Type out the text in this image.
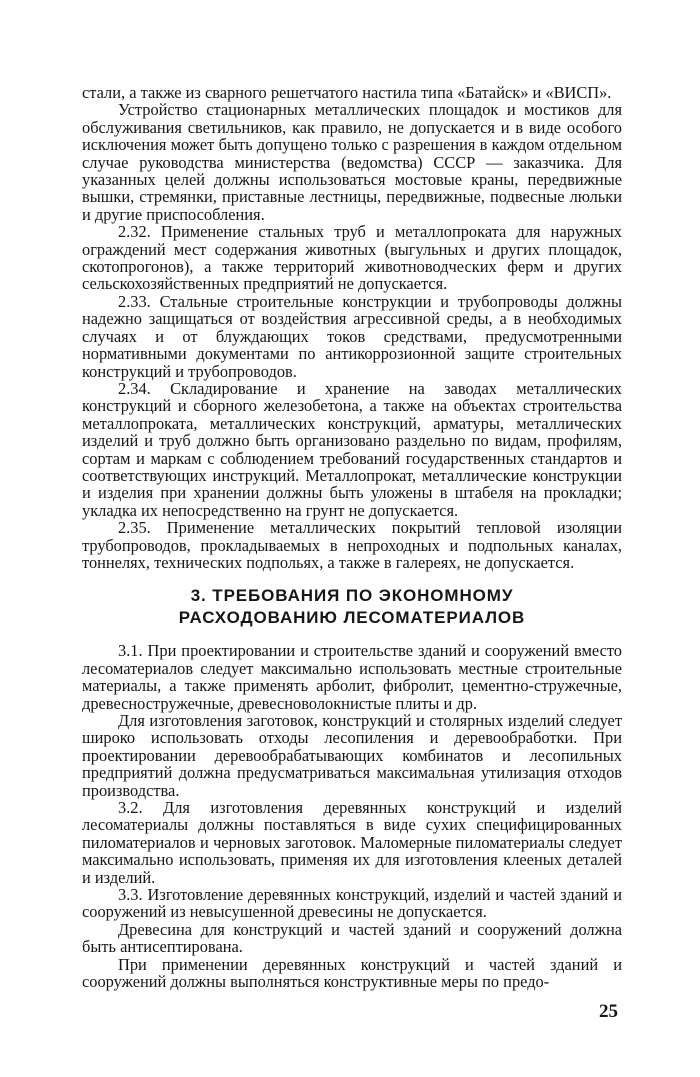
стали, а также из сварного решетчатого настила типа «Батайск» и «ВИСП».

Устройство стационарных металлических площадок и мостиков для обслуживания светильников, как правило, не допускается и в виде особого исключения может быть допущено только с разрешения в каждом отдельном случае руководства министерства (ведомства) СССР — заказчика. Для указанных целей должны использоваться мостовые краны, передвижные вышки, стремянки, приставные лестницы, передвижные, подвесные люльки и другие приспособления.

2.32. Применение стальных труб и металлопроката для наружных ограждений мест содержания животных (выгульных и других площадок, скотопрогонов), а также территорий животноводческих ферм и других сельскохозяйственных предприятий не допускается.

2.33. Стальные строительные конструкции и трубопроводы должны надежно защищаться от воздействия агрессивной среды, а в необходимых случаях и от блуждающих токов средствами, предусмотренными нормативными документами по антикоррозионной защите строительных конструкций и трубопроводов.

2.34. Складирование и хранение на заводах металлических конструкций и сборного железобетона, а также на объектах строительства металлопроката, металлических конструкций, арматуры, металлических изделий и труб должно быть организовано раздельно по видам, профилям, сортам и маркам с соблюдением требований государственных стандартов и соответствующих инструкций. Металлопрокат, металлические конструкции и изделия при хранении должны быть уложены в штабеля на прокладки; укладка их непосредственно на грунт не допускается.

2.35. Применение металлических покрытий тепловой изоляции трубопроводов, прокладываемых в непроходных и подпольных каналах, тоннелях, технических подпольях, а также в галереях, не допускается.

3. ТРЕБОВАНИЯ ПО ЭКОНОМНОМУ
РАСХОДОВАНИЮ ЛЕСОМАТЕРИАЛОВ

3.1. При проектировании и строительстве зданий и сооружений вместо лесоматериалов следует максимально использовать местные строительные материалы, а также применять арболит, фибролит, цементно-стружечные, древесностружечные, древесноволокнистые плиты и др.

Для изготовления заготовок, конструкций и столярных изделий следует широко использовать отходы лесопиления и деревообработки. При проектировании деревообрабатывающих комбинатов и лесопильных предприятий должна предусматриваться максимальная утилизация отходов производства.

3.2. Для изготовления деревянных конструкций и изделий лесоматериалы должны поставляться в виде сухих специфицированных пиломатериалов и черновых заготовок. Маломерные пиломатериалы следует максимально использовать, применяя их для изготовления клееных деталей и изделий.

3.3. Изготовление деревянных конструкций, изделий и частей зданий и сооружений из невысушенной древесины не допускается.

Древесина для конструкций и частей зданий и сооружений должна быть антисептирована.

При применении деревянных конструкций и частей зданий и сооружений должны выполняться конструктивные меры по предо-

25
